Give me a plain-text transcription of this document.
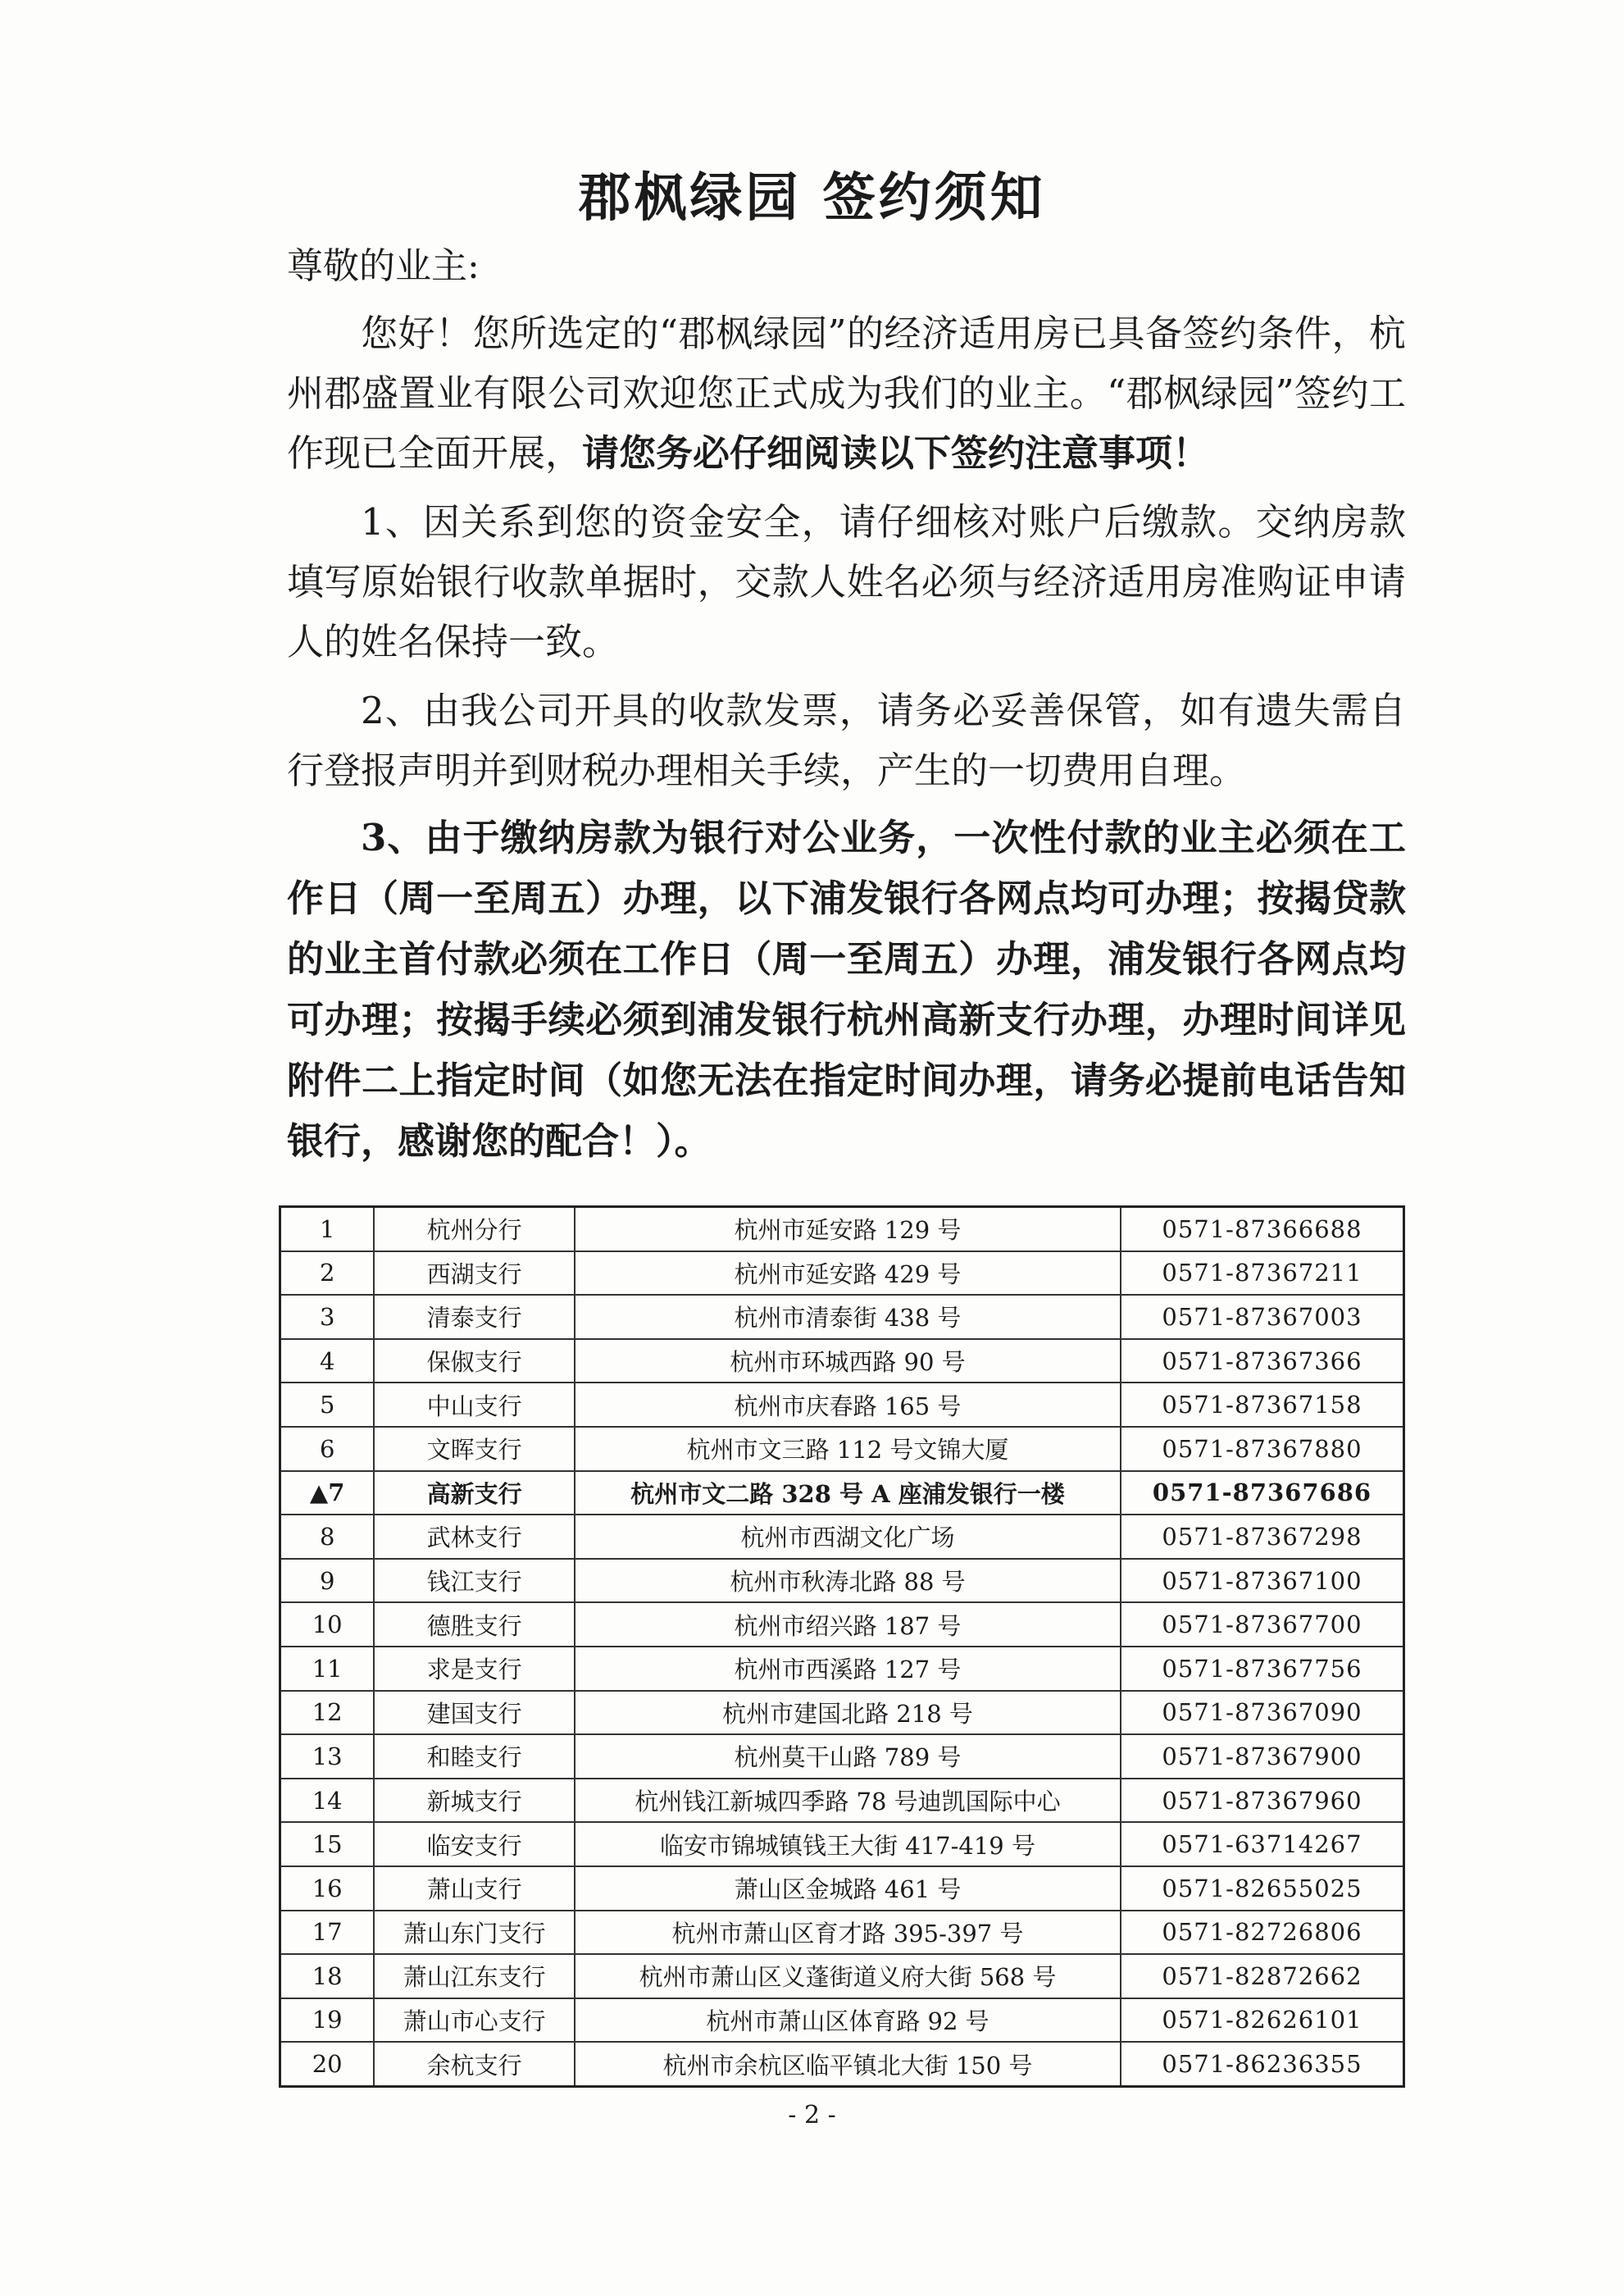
郡枫绿园 签约须知
尊敬的业主:
您好！您所选定的“郡枫绿园”的经济适用房已具备签约条件，杭州郡盛置业有限公司欢迎您正式成为我们的业主。“郡枫绿园”签约工作现已全面开展，请您务必仔细阅读以下签约注意事项！
1、因关系到您的资金安全，请仔细核对账户后缴款。交纳房款填写原始银行收款单据时，交款人姓名必须与经济适用房准购证申请人的姓名保持一致。
2、由我公司开具的收款发票，请务必妥善保管，如有遗失需自行登报声明并到财税办理相关手续，产生的一切费用自理。
3、由于缴纳房款为银行对公业务，一次性付款的业主必须在工作日（周一至周五）办理，以下浦发银行各网点均可办理；按揭贷款的业主首付款必须在工作日（周一至周五）办理，浦发银行各网点均可办理；按揭手续必须到浦发银行杭州高新支行办理，办理时间详见附件二上指定时间（如您无法在指定时间办理，请务必提前电话告知银行，感谢您的配合！）。
1	杭州分行	杭州市延安路 129 号	0571-87366688
2	西湖支行	杭州市延安路 429 号	0571-87367211
3	清泰支行	杭州市清泰街 438 号	0571-87367003
4	保俶支行	杭州市环城西路 90 号	0571-87367366
5	中山支行	杭州市庆春路 165 号	0571-87367158
6	文晖支行	杭州市文三路 112 号文锦大厦	0571-87367880
▲7	高新支行	杭州市文二路 328 号 A 座浦发银行一楼	0571-87367686
8	武林支行	杭州市西湖文化广场	0571-87367298
9	钱江支行	杭州市秋涛北路 88 号	0571-87367100
10	德胜支行	杭州市绍兴路 187 号	0571-87367700
11	求是支行	杭州市西溪路 127 号	0571-87367756
12	建国支行	杭州市建国北路 218 号	0571-87367090
13	和睦支行	杭州莫干山路 789 号	0571-87367900
14	新城支行	杭州钱江新城四季路 78 号迪凯国际中心	0571-87367960
15	临安支行	临安市锦城镇钱王大街 417-419 号	0571-63714267
16	萧山支行	萧山区金城路 461 号	0571-82655025
17	萧山东门支行	杭州市萧山区育才路 395-397 号	0571-82726806
18	萧山江东支行	杭州市萧山区义蓬街道义府大街 568 号	0571-82872662
19	萧山市心支行	杭州市萧山区体育路 92 号	0571-82626101
20	余杭支行	杭州市余杭区临平镇北大街 150 号	0571-86236355
- 2 -
